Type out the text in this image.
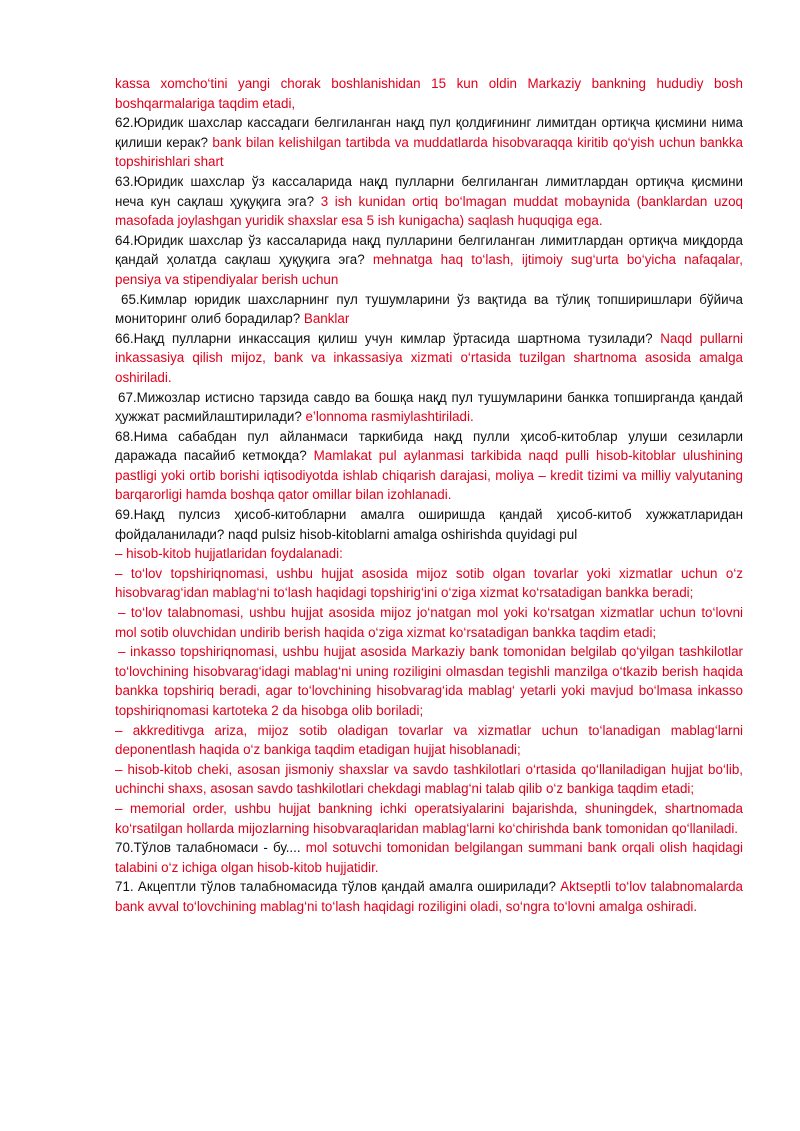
kassa xomcho‘tini yangi chorak boshlanishidan 15 kun oldin Markaziy bankning hududiy bosh boshqarmalariga taqdim etadi,

62.Юридик шахслар кассадаги белгиланган нақд пул қолдиғининг лимитдан ортиқча қисмини нима қилиши керак? bank bilan kelishilgan tartibda va muddatlarda hisobvaraqqa kiritib qo‘yish uchun bankka topshirishlari shart

63.Юридик шахслар ўз кассаларида нақд пулларни белгиланган лимитлардан ортиқча қисмини неча кун сақлаш ҳуқуқига эга? 3 ish kunidan ortiq bo‘lmagan muddat mobaynida (banklardan uzoq masofada joylashgan yuridik shaxslar esa 5 ish kunigacha) saqlash huquqiga ega.

64.Юридик шахслар ўз кассаларида нақд пулларини белгиланган лимитлардан ортиқча миқдорда қандай ҳолатда сақлаш ҳуқуқига эга? mehnatga haq to‘lash, ijtimoiy sug‘urta bo‘yicha nafaqalar, pensiya va stipendiyalar berish uchun

65.Кимлар юридик шахсларнинг пул тушумларини ўз вақтида ва тўлиқ топширишлари бўйича мониторинг олиб борадилар? Banklar

66.Нақд пулларни инкассация қилиш учун кимлар ўртасида шартнома тузилади? Naqd pullarni inkassasiya qilish mijoz, bank va inkassasiya xizmati o‘rtasida tuzilgan shartnoma asosida amalga oshiriladi.

67.Мижозлар истисно тарзида савдо ва бошқа нақд пул тушумларини банкка топширганда қандай ҳужжат расмийлаштирилади? e’lonnoma rasmiylashtiriladi.

68.Нима сабабдан пул айланмаси таркибида нақд пулли ҳисоб-китоблар улуши сезиларли даражада пасайиб кетмоқда? Mamlakat pul aylanmasi tarkibida naqd pulli hisob-kitoblar ulushining pastligi yoki ortib borishi iqtisodiyotda ishlab chiqarish darajasi, moliya – kredit tizimi va milliy valyutaning barqarorligi hamda boshqa qator omillar bilan izohlanadi.

69.Нақд пулсиз ҳисоб-китобларни амалга оширишда қандай ҳисоб-китоб хужжатларидан фойдаланилади? naqd pulsiz hisob-kitoblarni amalga oshirishda quyidagi pul

– hisob-kitob hujjatlaridan foydalanadi:

– to‘lov topshiriqnomasi, ushbu hujjat asosida mijoz sotib olgan tovarlar yoki xizmatlar uchun o‘z hisobvarag‘idan mablag‘ni to‘lash haqidagi topshirig‘ini o‘ziga xizmat ko‘rsatadigan bankka beradi;

– to‘lov talabnomasi, ushbu hujjat asosida mijoz jo‘natgan mol yoki ko‘rsatgan xizmatlar uchun to‘lovni mol sotib oluvchidan undirib berish haqida o‘ziga xizmat ko‘rsatadigan bankka taqdim etadi;

– inkasso topshiriqnomasi, ushbu hujjat asosida Markaziy bank tomonidan belgilab qo‘yilgan tashkilotlar to‘lovchining hisobvarag‘idagi mablag‘ni uning roziligini olmasdan tegishli manzilga o‘tkazib berish haqida bankka topshiriq beradi, agar to‘lovchining hisobvarag‘ida mablag‘ yetarli yoki mavjud bo‘lmasa inkasso topshiriqnomasi kartoteka 2 da hisobga olib boriladi;

– akkreditivga ariza, mijoz sotib oladigan tovarlar va xizmatlar uchun to‘lanadigan mablag‘larni deponentlash haqida o‘z bankiga taqdim etadigan hujjat hisoblanadi;

– hisob-kitob cheki, asosan jismoniy shaxslar va savdo tashkilotlari o‘rtasida qo‘llaniladigan hujjat bo‘lib, uchinchi shaxs, asosan savdo tashkilotlari chekdagi mablag‘ni talab qilib o‘z bankiga taqdim etadi;

– memorial order, ushbu hujjat bankning ichki operatsiyalarini bajarishda, shuningdek, shartnomada ko‘rsatilgan hollarda mijozlarning hisobvaraqlaridan mablag‘larni ko‘chirishda bank tomonidan qo‘llaniladi.

70.Тўлов талабномаси - бу.... mol sotuvchi tomonidan belgilangan summani bank orqali olish haqidagi talabini o‘z ichiga olgan hisob-kitob hujjatidir.

71. Акцептли тўлов талабномасида тўлов қандай амалга оширилади? Aktseptli to‘lov talabnomalarda bank avval to‘lovchining mablag‘ni to‘lash haqidagi roziligini oladi, so‘ngra to‘lovni amalga oshiradi.
